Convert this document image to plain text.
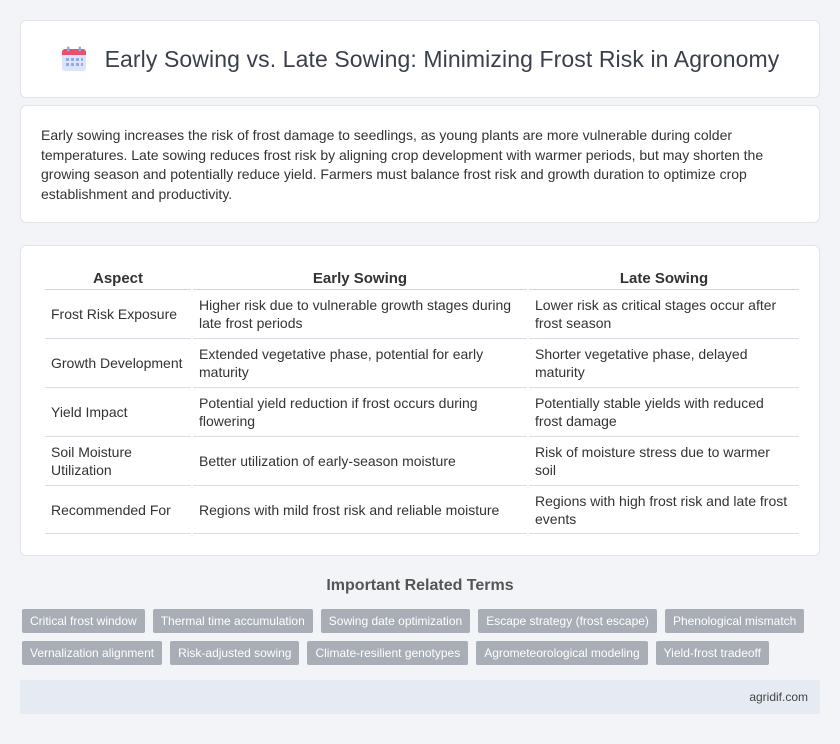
Early Sowing vs. Late Sowing: Minimizing Frost Risk in Agronomy

Early sowing increases the risk of frost damage to seedlings, as young plants are more vulnerable during colder temperatures. Late sowing reduces frost risk by aligning crop development with warmer periods, but may shorten the growing season and potentially reduce yield. Farmers must balance frost risk and growth duration to optimize crop establishment and productivity.

Aspect	Early Sowing	Late Sowing
Frost Risk Exposure	Higher risk due to vulnerable growth stages during late frost periods	Lower risk as critical stages occur after frost season
Growth Development	Extended vegetative phase, potential for early maturity	Shorter vegetative phase, delayed maturity
Yield Impact	Potential yield reduction if frost occurs during flowering	Potentially stable yields with reduced frost damage
Soil Moisture Utilization	Better utilization of early-season moisture	Risk of moisture stress due to warmer soil
Recommended For	Regions with mild frost risk and reliable moisture	Regions with high frost risk and late frost events
Important Related Terms
Critical frost window	Thermal time accumulation	Sowing date optimization	Escape strategy (frost escape)	Phenological mismatch
Vernalization alignment	Risk-adjusted sowing	Climate-resilient genotypes	Agrometeorological modeling	Yield-frost tradeoff
agridif.com
